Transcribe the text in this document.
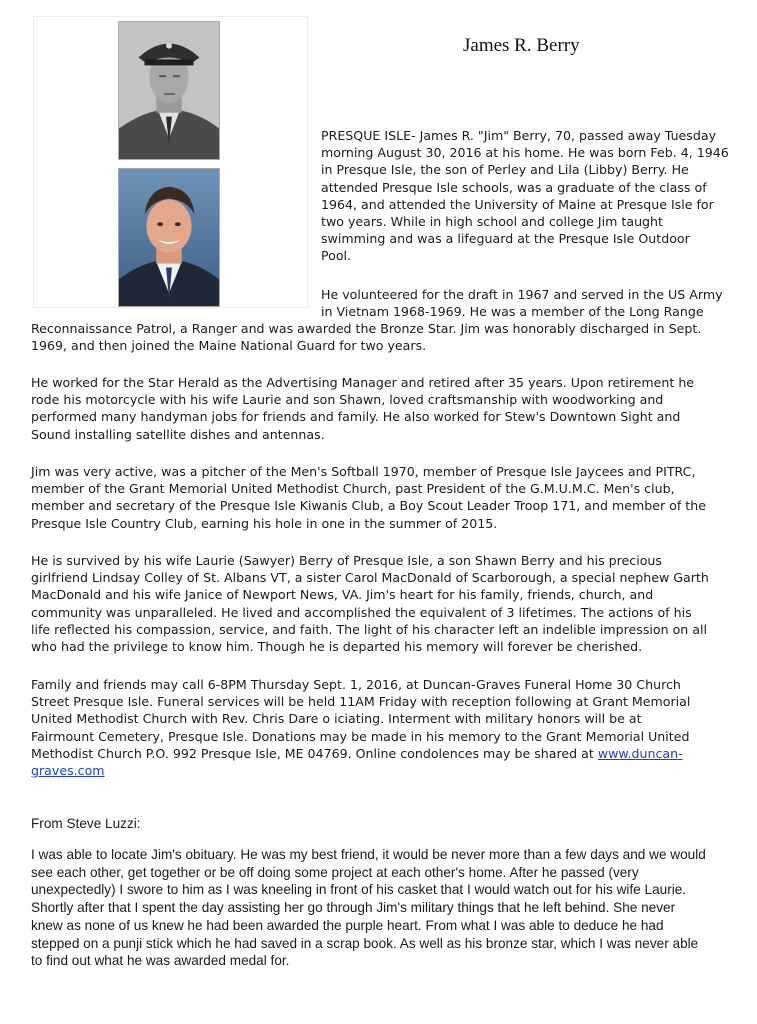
James R. Berry
PRESQUE ISLE- James R. "Jim" Berry, 70, passed away Tuesday
morning August 30, 2016 at his home. He was born Feb. 4, 1946
in Presque Isle, the son of Perley and Lila (Libby) Berry. He
attended Presque Isle schools, was a graduate of the class of
1964, and attended the University of Maine at Presque Isle for
two years. While in high school and college Jim taught
swimming and was a lifeguard at the Presque Isle Outdoor
Pool.
He volunteered for the draft in 1967 and served in the US Army
in Vietnam 1968-1969. He was a member of the Long Range
Reconnaissance Patrol, a Ranger and was awarded the Bronze Star. Jim was honorably discharged in Sept.
1969, and then joined the Maine National Guard for two years.
He worked for the Star Herald as the Advertising Manager and retired after 35 years. Upon retirement he
rode his motorcycle with his wife Laurie and son Shawn, loved craftsmanship with woodworking and
performed many handyman jobs for friends and family. He also worked for Stew's Downtown Sight and
Sound installing satellite dishes and antennas.
Jim was very active, was a pitcher of the Men's Softball 1970, member of Presque Isle Jaycees and PITRC,
member of the Grant Memorial United Methodist Church, past President of the G.M.U.M.C. Men's club,
member and secretary of the Presque Isle Kiwanis Club, a Boy Scout Leader Troop 171, and member of the
Presque Isle Country Club, earning his hole in one in the summer of 2015.
He is survived by his wife Laurie (Sawyer) Berry of Presque Isle, a son Shawn Berry and his precious
girlfriend Lindsay Colley of St. Albans VT, a sister Carol MacDonald of Scarborough, a special nephew Garth
MacDonald and his wife Janice of Newport News, VA. Jim's heart for his family, friends, church, and
community was unparalleled. He lived and accomplished the equivalent of 3 lifetimes. The actions of his
life reflected his compassion, service, and faith. The light of his character left an indelible impression on all
who had the privilege to know him. Though he is departed his memory will forever be cherished.
Family and friends may call 6-8PM Thursday Sept. 1, 2016, at Duncan-Graves Funeral Home 30 Church
Street Presque Isle. Funeral services will be held 11AM Friday with reception following at Grant Memorial
United Methodist Church with Rev. Chris Dare o iciating. Interment with military honors will be at
Fairmount Cemetery, Presque Isle. Donations may be made in his memory to the Grant Memorial United
Methodist Church P.O. 992 Presque Isle, ME 04769. Online condolences may be shared at www.duncan-
graves.com
From Steve Luzzi:
I was able to locate Jim's obituary. He was my best friend, it would be never more than a few days and we would
see each other, get together or be off doing some project at each other's home. After he passed (very
unexpectedly) I swore to him as I was kneeling in front of his casket that I would watch out for his wife Laurie.
Shortly after that I spent the day assisting her go through Jim's military things that he left behind. She never
knew as none of us knew he had been awarded the purple heart. From what I was able to deduce he had
stepped on a punji stick which he had saved in a scrap book. As well as his bronze star, which I was never able
to find out what he was awarded medal for.
